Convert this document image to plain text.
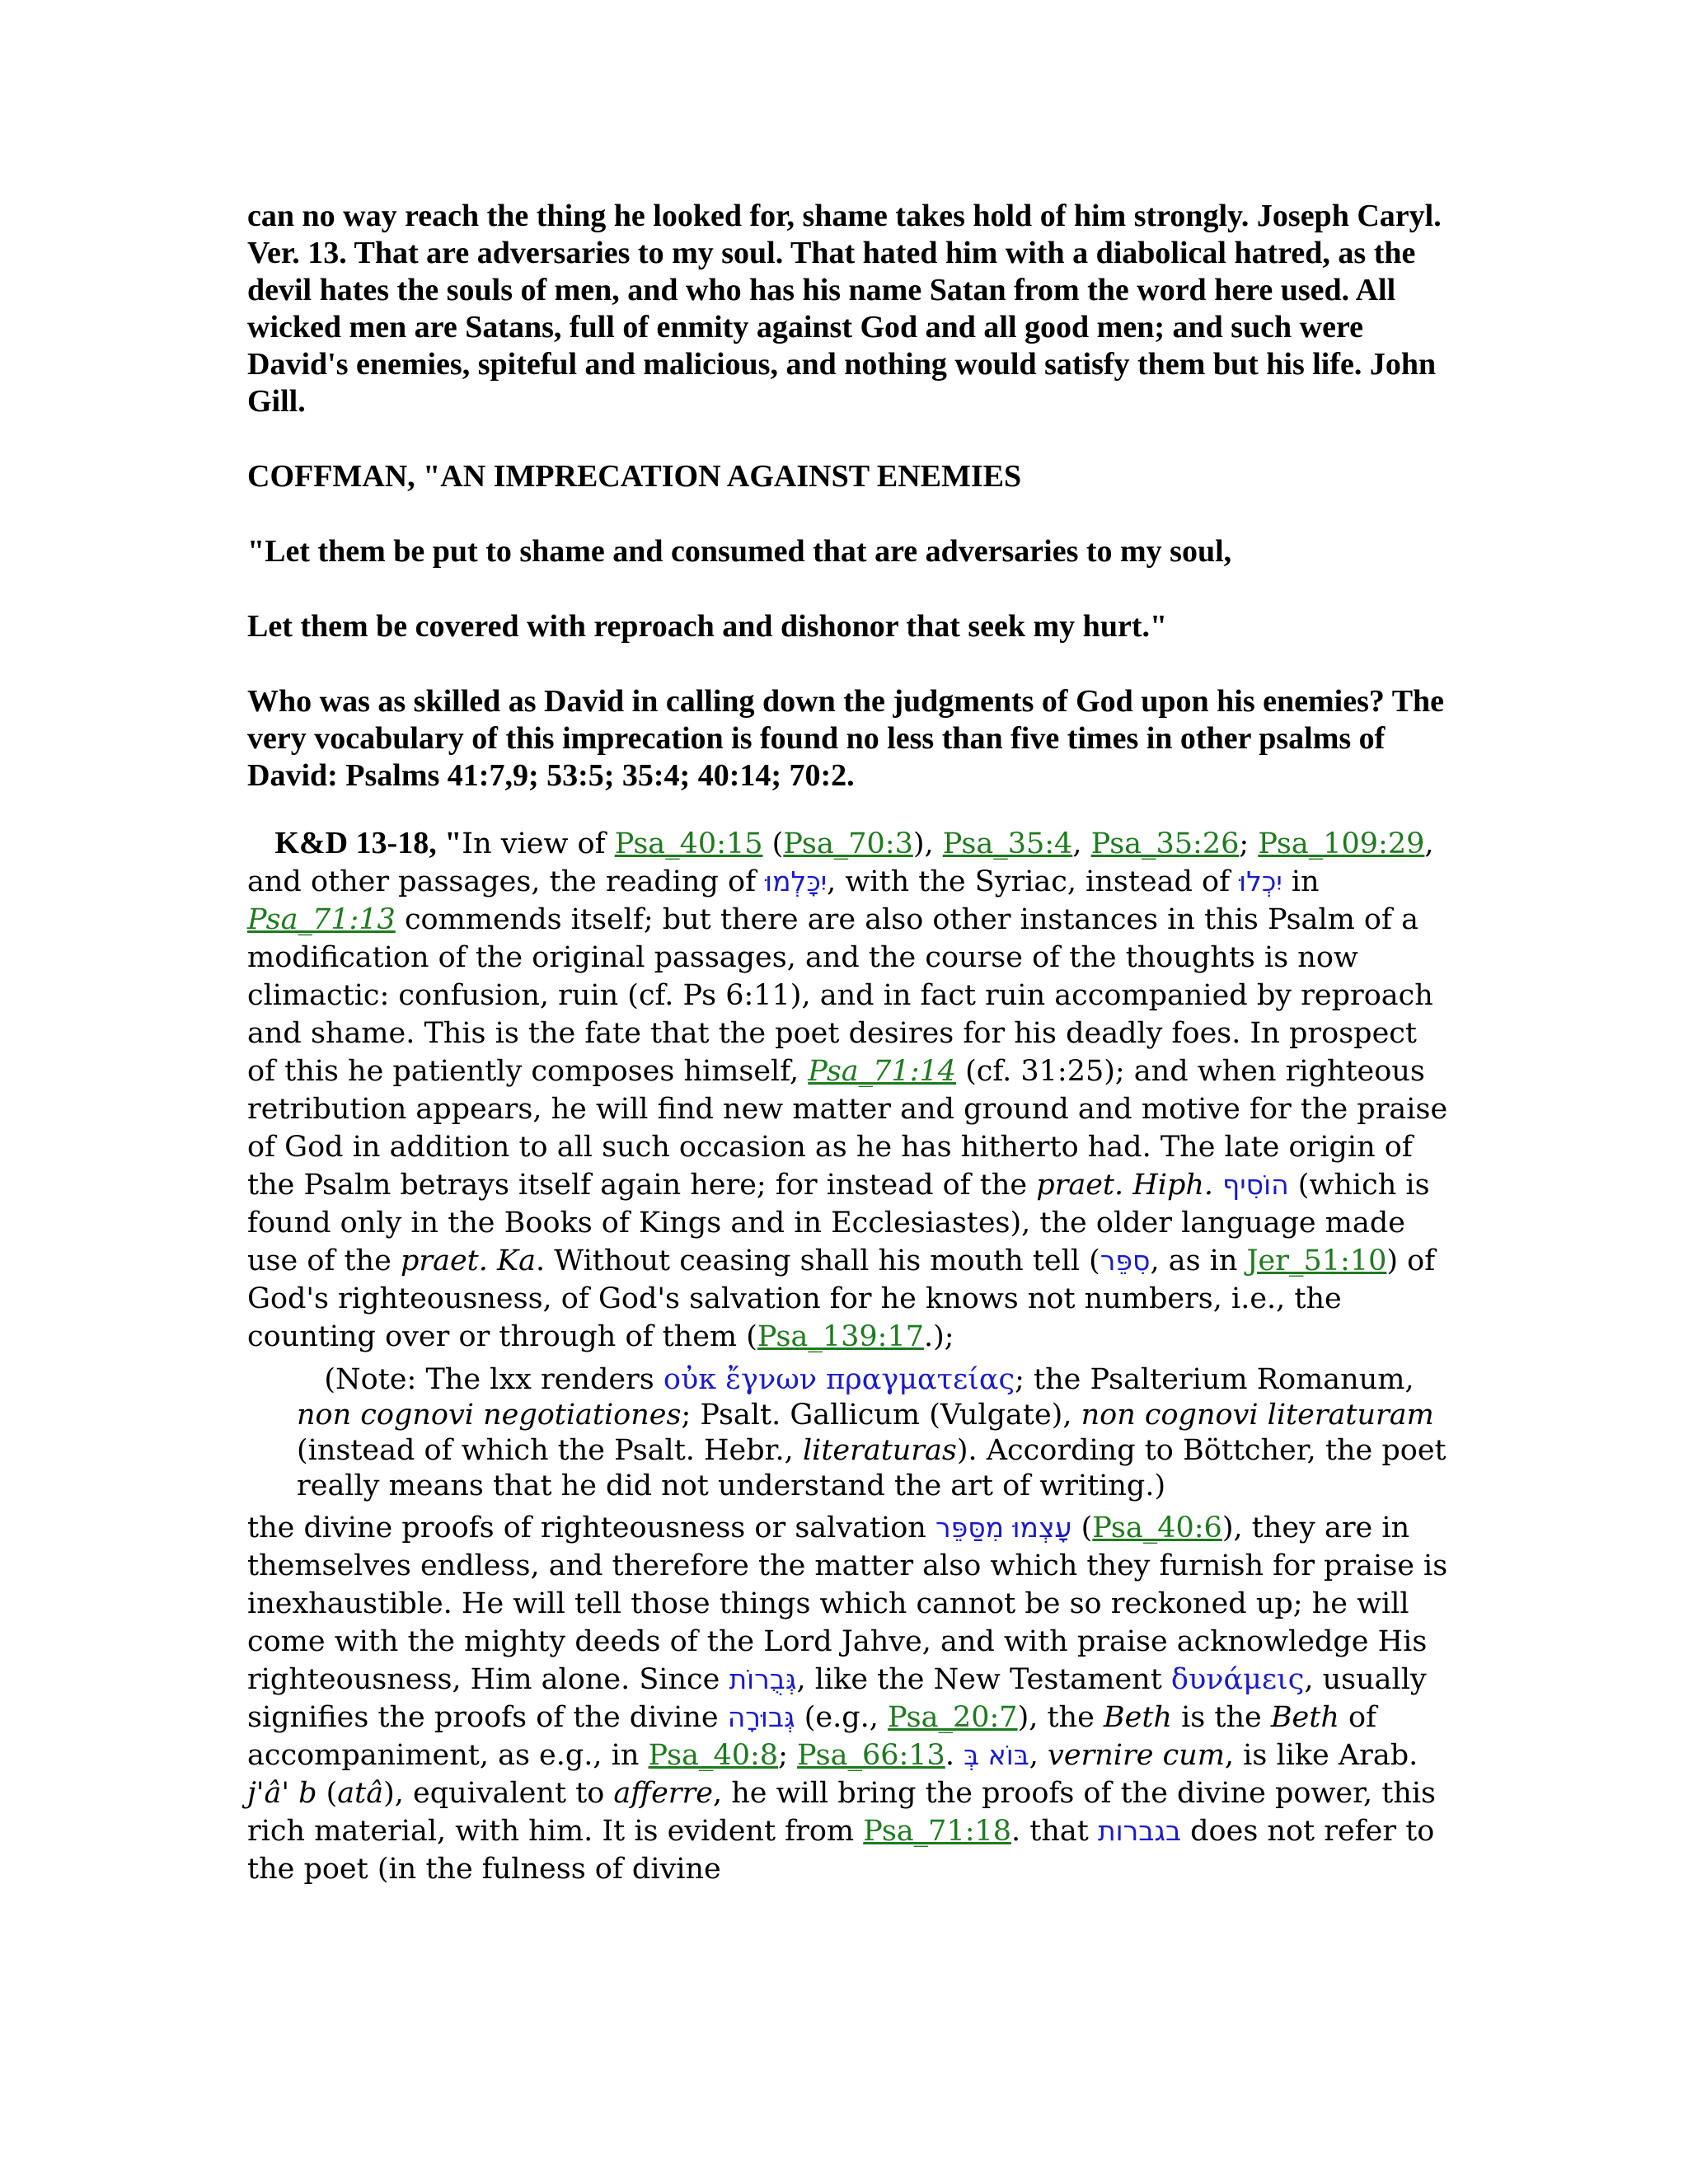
can no way reach the thing he looked for, shame takes hold of him strongly. Joseph Caryl.

Ver. 13. That are adversaries to my soul. That hated him with a diabolical hatred, as the devil hates the souls of men, and who has his name Satan from the word here used. All wicked men are Satans, full of enmity against God and all good men; and such were David's enemies, spiteful and malicious, and nothing would satisfy them but his life. John Gill.

COFFMAN, "AN IMPRECATION AGAINST ENEMIES

"Let them be put to shame and consumed that are adversaries to my soul,

Let them be covered with reproach and dishonor that seek my hurt."

Who was as skilled as David in calling down the judgments of God upon his enemies? The very vocabulary of this imprecation is found no less than five times in other psalms of David: Psalms 41:7,9; 53:5; 35:4; 40:14; 70:2.

K&D 13-18, "In view of Psa_40:15 (Psa_70:3), Psa_35:4, Psa_35:26; Psa_109:29, and other passages, the reading of יִכָּלְמוּ, with the Syriac, instead of יִכְלוּ in Psa_71:13 commends itself; but there are also other instances in this Psalm of a modification of the original passages, and the course of the thoughts is now climactic: confusion, ruin (cf. Ps 6:11), and in fact ruin accompanied by reproach and shame. This is the fate that the poet desires for his deadly foes. In prospect of this he patiently composes himself, Psa_71:14 (cf. 31:25); and when righteous retribution appears, he will find new matter and ground and motive for the praise of God in addition to all such occasion as he has hitherto had. The late origin of the Psalm betrays itself again here; for instead of the praet. Hiph. הוֹסִיף (which is found only in the Books of Kings and in Ecclesiastes), the older language made use of the praet. Ka. Without ceasing shall his mouth tell (סִפֵּר, as in Jer_51:10) of God's righteousness, of God's salvation for he knows not numbers, i.e., the counting over or through of them (Psa_139:17.);

(Note: The lxx renders οὐκ ἔγνων πραγματείας; the Psalterium Romanum, non cognovi negotiationes; Psalt. Gallicum (Vulgate), non cognovi literaturam (instead of which the Psalt. Hebr., literaturas). According to Böttcher, the poet really means that he did not understand the art of writing.)

the divine proofs of righteousness or salvation עָצְמוּ מִסַּפֵּר (Psa_40:6), they are in themselves endless, and therefore the matter also which they furnish for praise is inexhaustible. He will tell those things which cannot be so reckoned up; he will come with the mighty deeds of the Lord Jahve, and with praise acknowledge His righteousness, Him alone. Since גְּבֻרוֹת, like the New Testament δυνάμεις, usually signifies the proofs of the divine גְּבוּרָה (e.g., Psa_20:7), the Beth is the Beth of accompaniment, as e.g., in Psa_40:8; Psa_66:13. בּוֹא בְּ, vernire cum, is like Arab. j'â' b (atâ), equivalent to afferre, he will bring the proofs of the divine power, this rich material, with him. It is evident from Psa_71:18. that בגברות does not refer to the poet (in the fulness of divine
